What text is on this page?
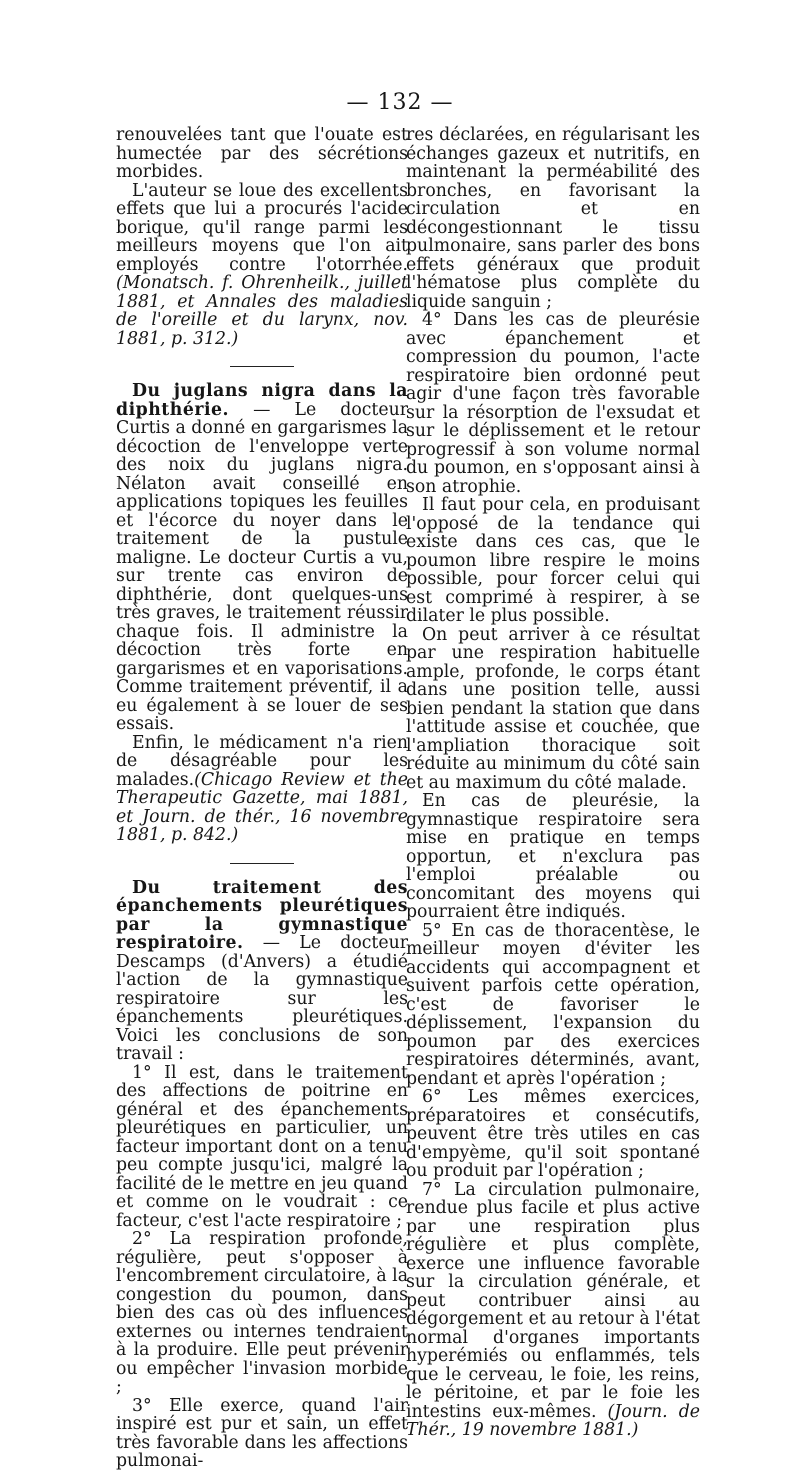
— 132 —

renouvelées tant que l'ouate est humectée par des sécrétions morbides.

L'auteur se loue des excellents effets que lui a procurés l'acide borique, qu'il range parmi les meilleurs moyens que l'on ait employés contre l'otorrhée.(Monatsch. f. Ohrenheilk., juillet 1881, et Annales des maladies de l'oreille et du larynx, nov. 1881, p. 312.)

Du juglans nigra dans la diphthérie. — Le docteur Curtis a donné en gargarismes la décoction de l'enveloppe verte des noix du juglans nigra. Nélaton avait conseillé en applications topiques les feuilles et l'écorce du noyer dans le traitement de la pustule maligne. Le docteur Curtis a vu, sur trente cas environ de diphthérie, dont quelques-uns très graves, le traitement réussir chaque fois. Il administre la décoction très forte en gargarismes et en vaporisations. Comme traitement préventif, il a eu également à se louer de ses essais.

Enfin, le médicament n'a rien de désagréable pour les malades.(Chicago Review et the Therapeutic Gazette, mai 1881, et Journ. de thér., 16 novembre 1881, p. 842.)

Du traitement des épanchements pleurétiques par la gymnastique respiratoire. — Le docteur Descamps (d'Anvers) a étudié l'action de la gymnastique respiratoire sur les épanchements pleurétiques. Voici les conclusions de son travail :

1° Il est, dans le traitement des affections de poitrine en général et des épanchements pleurétiques en particulier, un facteur important dont on a tenu peu compte jusqu'ici, malgré la facilité de le mettre en jeu quand et comme on le voudrait : ce facteur, c'est l'acte respiratoire ;

2° La respiration profonde, régulière, peut s'opposer à l'encombrement circulatoire, à la congestion du poumon, dans bien des cas où des influences externes ou internes tendraient à la produire. Elle peut prévenir ou empêcher l'invasion morbide ;

3° Elle exerce, quand l'air inspiré est pur et sain, un effet très favorable dans les affections pulmonai-

res déclarées, en régularisant les échanges gazeux et nutritifs, en maintenant la perméabilité des bronches, en favorisant la circulation et en décongestionnant le tissu pulmonaire, sans parler des bons effets généraux que produit l'hématose plus complète du liquide sanguin ;

4° Dans les cas de pleurésie avec épanchement et compression du poumon, l'acte respiratoire bien ordonné peut agir d'une façon très favorable sur la résorption de l'exsudat et sur le déplissement et le retour progressif à son volume normal du poumon, en s'opposant ainsi à son atrophie.

Il faut pour cela, en produisant l'opposé de la tendance qui existe dans ces cas, que le poumon libre respire le moins possible, pour forcer celui qui est comprimé à respirer, à se dilater le plus possible.

On peut arriver à ce résultat par une respiration habituelle ample, profonde, le corps étant dans une position telle, aussi bien pendant la station que dans l'attitude assise et couchée, que l'ampliation thoracique soit réduite au minimum du côté sain et au maximum du côté malade.

En cas de pleurésie, la gymnastique respiratoire sera mise en pratique en temps opportun, et n'exclura pas l'emploi préalable ou concomitant des moyens qui pourraient être indiqués.

5° En cas de thoracentèse, le meilleur moyen d'éviter les accidents qui accompagnent et suivent parfois cette opération, c'est de favoriser le déplissement, l'expansion du poumon par des exercices respiratoires déterminés, avant, pendant et après l'opération ;

6° Les mêmes exercices, préparatoires et consécutifs, peuvent être très utiles en cas d'empyème, qu'il soit spontané ou produit par l'opération ;

7° La circulation pulmonaire, rendue plus facile et plus active par une respiration plus régulière et plus complète, exerce une influence favorable sur la circulation générale, et peut contribuer ainsi au dégorgement et au retour à l'état normal d'organes importants hyperémiés ou enflammés, tels que le cerveau, le foie, les reins, le péritoine, et par le foie les intestins eux-mêmes. (Journ. de Thér., 19 novembre 1881.)
